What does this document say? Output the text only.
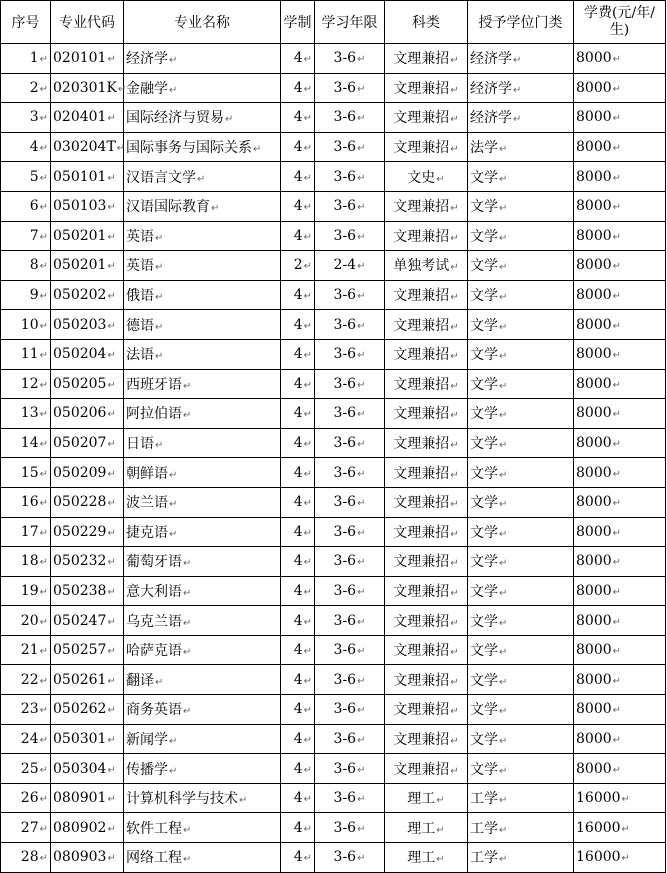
序号	专业代码	专业名称	学制	学习年限	科类	授予学位门类	学费(元/年/生)
1↵	020101↵	经济学↵	4↵	3-6↵	文理兼招↵	经济学↵	8000↵
2↵	020301K↵	金融学↵	4↵	3-6↵	文理兼招↵	经济学↵	8000↵
3↵	020401↵	国际经济与贸易↵	4↵	3-6↵	文理兼招↵	经济学↵	8000↵
4↵	030204T↵	国际事务与国际关系↵	4↵	3-6↵	文理兼招↵	法学↵	8000↵
5↵	050101↵	汉语言文学↵	4↵	3-6↵	文史↵	文学↵	8000↵
6↵	050103↵	汉语国际教育↵	4↵	3-6↵	文理兼招↵	文学↵	8000↵
7↵	050201↵	英语↵	4↵	3-6↵	文理兼招↵	文学↵	8000↵
8↵	050201↵	英语↵	2↵	2-4↵	单独考试↵	文学↵	8000↵
9↵	050202↵	俄语↵	4↵	3-6↵	文理兼招↵	文学↵	8000↵
10↵	050203↵	德语↵	4↵	3-6↵	文理兼招↵	文学↵	8000↵
11↵	050204↵	法语↵	4↵	3-6↵	文理兼招↵	文学↵	8000↵
12↵	050205↵	西班牙语↵	4↵	3-6↵	文理兼招↵	文学↵	8000↵
13↵	050206↵	阿拉伯语↵	4↵	3-6↵	文理兼招↵	文学↵	8000↵
14↵	050207↵	日语↵	4↵	3-6↵	文理兼招↵	文学↵	8000↵
15↵	050209↵	朝鲜语↵	4↵	3-6↵	文理兼招↵	文学↵	8000↵
16↵	050228↵	波兰语↵	4↵	3-6↵	文理兼招↵	文学↵	8000↵
17↵	050229↵	捷克语↵	4↵	3-6↵	文理兼招↵	文学↵	8000↵
18↵	050232↵	葡萄牙语↵	4↵	3-6↵	文理兼招↵	文学↵	8000↵
19↵	050238↵	意大利语↵	4↵	3-6↵	文理兼招↵	文学↵	8000↵
20↵	050247↵	乌克兰语↵	4↵	3-6↵	文理兼招↵	文学↵	8000↵
21↵	050257↵	哈萨克语↵	4↵	3-6↵	文理兼招↵	文学↵	8000↵
22↵	050261↵	翻译↵	4↵	3-6↵	文理兼招↵	文学↵	8000↵
23↵	050262↵	商务英语↵	4↵	3-6↵	文理兼招↵	文学↵	8000↵
24↵	050301↵	新闻学↵	4↵	3-6↵	文理兼招↵	文学↵	8000↵
25↵	050304↵	传播学↵	4↵	3-6↵	文理兼招↵	文学↵	8000↵
26↵	080901↵	计算机科学与技术↵	4↵	3-6↵	理工↵	工学↵	16000↵
27↵	080902↵	软件工程↵	4↵	3-6↵	理工↵	工学↵	16000↵
28↵	080903↵	网络工程↵	4↵	3-6↵	理工↵	工学↵	16000↵
